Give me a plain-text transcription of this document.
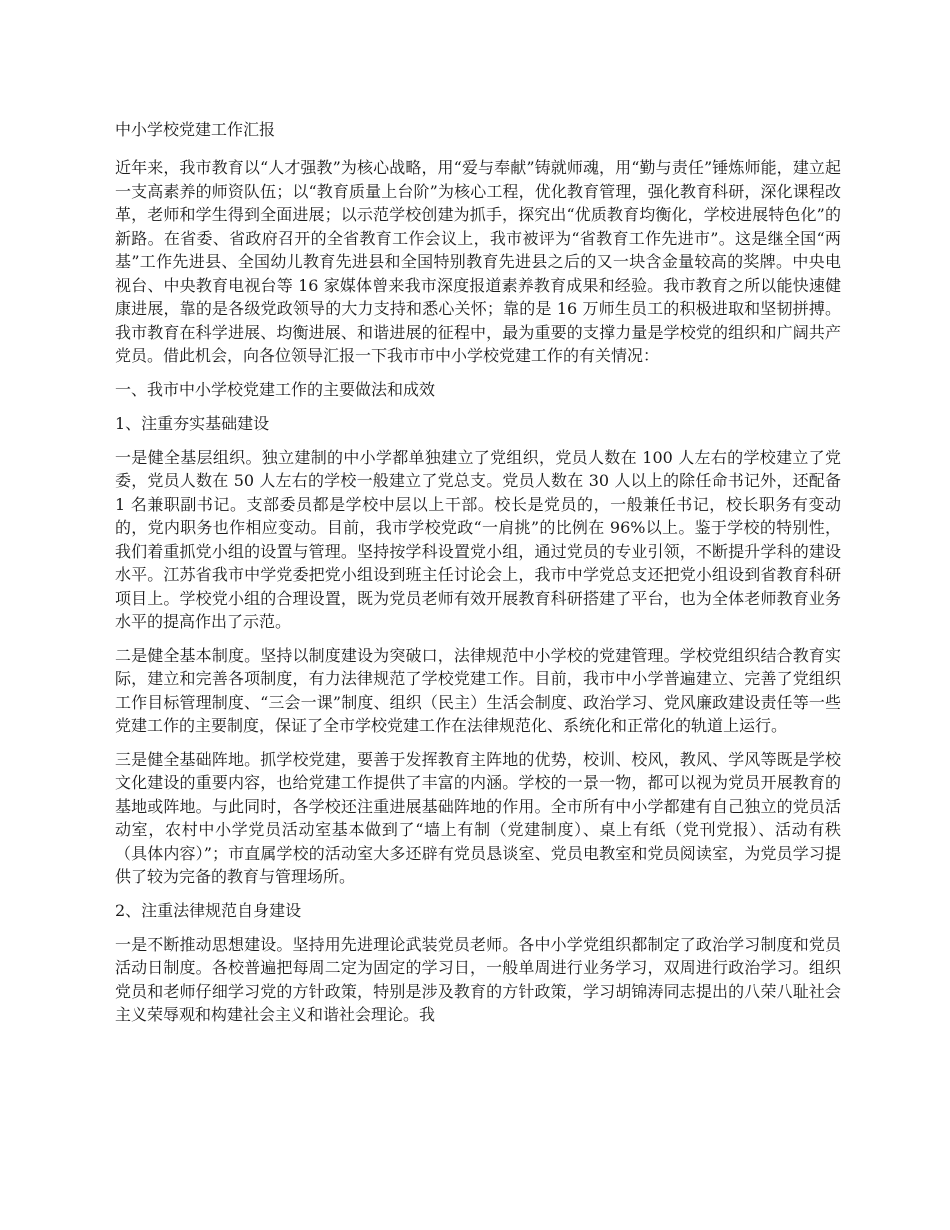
中小学校党建工作汇报

近年来，我市教育以“人才强教”为核心战略，用“爱与奉献”铸就师魂，用“勤与责任”锤炼师能，建立起一支高素养的师资队伍；以“教育质量上台阶”为核心工程，优化教育管理，强化教育科研，深化课程改革，老师和学生得到全面进展；以示范学校创建为抓手，探究出“优质教育均衡化，学校进展特色化”的新路。在省委、省政府召开的全省教育工作会议上，我市被评为“省教育工作先进市”。这是继全国“两基”工作先进县、全国幼儿教育先进县和全国特别教育先进县之后的又一块含金量较高的奖牌。中央电视台、中央教育电视台等 16 家媒体曾来我市深度报道素养教育成果和经验。我市教育之所以能快速健康进展，靠的是各级党政领导的大力支持和悉心关怀；靠的是 16 万师生员工的积极进取和坚韧拼搏。我市教育在科学进展、均衡进展、和谐进展的征程中，最为重要的支撑力量是学校党的组织和广阔共产党员。借此机会，向各位领导汇报一下我市市中小学校党建工作的有关情况：

一、我市中小学校党建工作的主要做法和成效
1、注重夯实基础建设

一是健全基层组织。独立建制的中小学都单独建立了党组织，党员人数在 100 人左右的学校建立了党委，党员人数在 50 人左右的学校一般建立了党总支。党员人数在 30 人以上的除任命书记外，还配备 1 名兼职副书记。支部委员都是学校中层以上干部。校长是党员的，一般兼任书记，校长职务有变动的，党内职务也作相应变动。目前，我市学校党政“一肩挑”的比例在 96%以上。鉴于学校的特别性，我们着重抓党小组的设置与管理。坚持按学科设置党小组，通过党员的专业引领，不断提升学科的建设水平。江苏省我市中学党委把党小组设到班主任讨论会上，我市中学党总支还把党小组设到省教育科研项目上。学校党小组的合理设置，既为党员老师有效开展教育科研搭建了平台，也为全体老师教育业务水平的提高作出了示范。

二是健全基本制度。坚持以制度建设为突破口，法律规范中小学校的党建管理。学校党组织结合教育实际，建立和完善各项制度，有力法律规范了学校党建工作。目前，我市中小学普遍建立、完善了党组织工作目标管理制度、“三会一课”制度、组织（民主）生活会制度、政治学习、党风廉政建设责任等一些党建工作的主要制度，保证了全市学校党建工作在法律规范化、系统化和正常化的轨道上运行。

三是健全基础阵地。抓学校党建，要善于发挥教育主阵地的优势，校训、校风，教风、学风等既是学校文化建设的重要内容，也给党建工作提供了丰富的内涵。学校的一景一物，都可以视为党员开展教育的基地或阵地。与此同时，各学校还注重进展基础阵地的作用。全市所有中小学都建有自己独立的党员活动室，农村中小学党员活动室基本做到了“墙上有制（党建制度）、桌上有纸（党刊党报）、活动有秩（具体内容）”；市直属学校的活动室大多还辟有党员恳谈室、党员电教室和党员阅读室，为党员学习提供了较为完备的教育与管理场所。

2、注重法律规范自身建设

一是不断推动思想建设。坚持用先进理论武装党员老师。各中小学党组织都制定了政治学习制度和党员活动日制度。各校普遍把每周二定为固定的学习日，一般单周进行业务学习，双周进行政治学习。组织党员和老师仔细学习党的方针政策，特别是涉及教育的方针政策，学习胡锦涛同志提出的八荣八耻社会主义荣辱观和构建社会主义和谐社会理论。我
